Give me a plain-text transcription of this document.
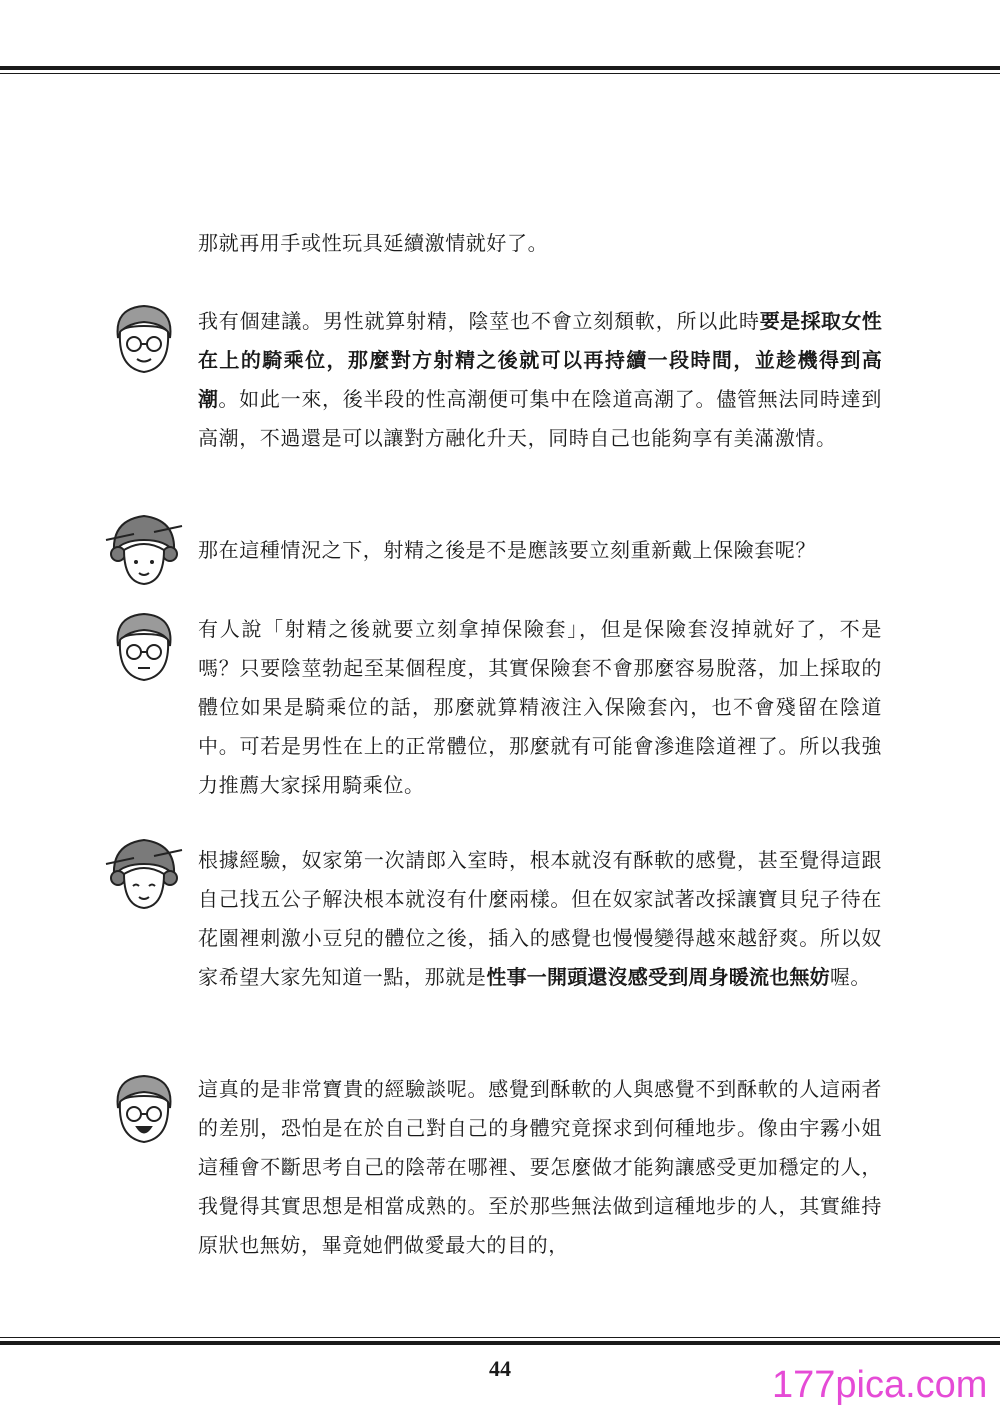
那就再用手或性玩具延續激情就好了。
我有個建議。男性就算射精，陰莖也不會立刻頹軟，所以此時要是採取女性在上的騎乘位，那麼對方射精之後就可以再持續一段時間，並趁機得到高潮。如此一來，後半段的性高潮便可集中在陰道高潮了。儘管無法同時達到高潮，不過還是可以讓對方融化升天，同時自己也能夠享有美滿激情。
那在這種情況之下，射精之後是不是應該要立刻重新戴上保險套呢？
有人說「射精之後就要立刻拿掉保險套」，但是保險套沒掉就好了，不是嗎？只要陰莖勃起至某個程度，其實保險套不會那麼容易脫落，加上採取的體位如果是騎乘位的話，那麼就算精液注入保險套內，也不會殘留在陰道中。可若是男性在上的正常體位，那麼就有可能會滲進陰道裡了。所以我強力推薦大家採用騎乘位。
根據經驗，奴家第一次請郎入室時，根本就沒有酥軟的感覺，甚至覺得這跟自己找五公子解決根本就沒有什麼兩樣。但在奴家試著改採讓寶貝兒子待在花園裡刺激小豆兒的體位之後，插入的感覺也慢慢變得越來越舒爽。所以奴家希望大家先知道一點，那就是性事一開頭還沒感受到周身暖流也無妨喔。
這真的是非常寶貴的經驗談呢。感覺到酥軟的人與感覺不到酥軟的人這兩者的差別，恐怕是在於自己對自己的身體究竟探求到何種地步。像由宇霧小姐這種會不斷思考自己的陰蒂在哪裡、要怎麼做才能夠讓感受更加穩定的人，我覺得其實思想是相當成熟的。至於那些無法做到這種地步的人，其實維持原狀也無妨，畢竟她們做愛最大的目的，
44	177pica.com
